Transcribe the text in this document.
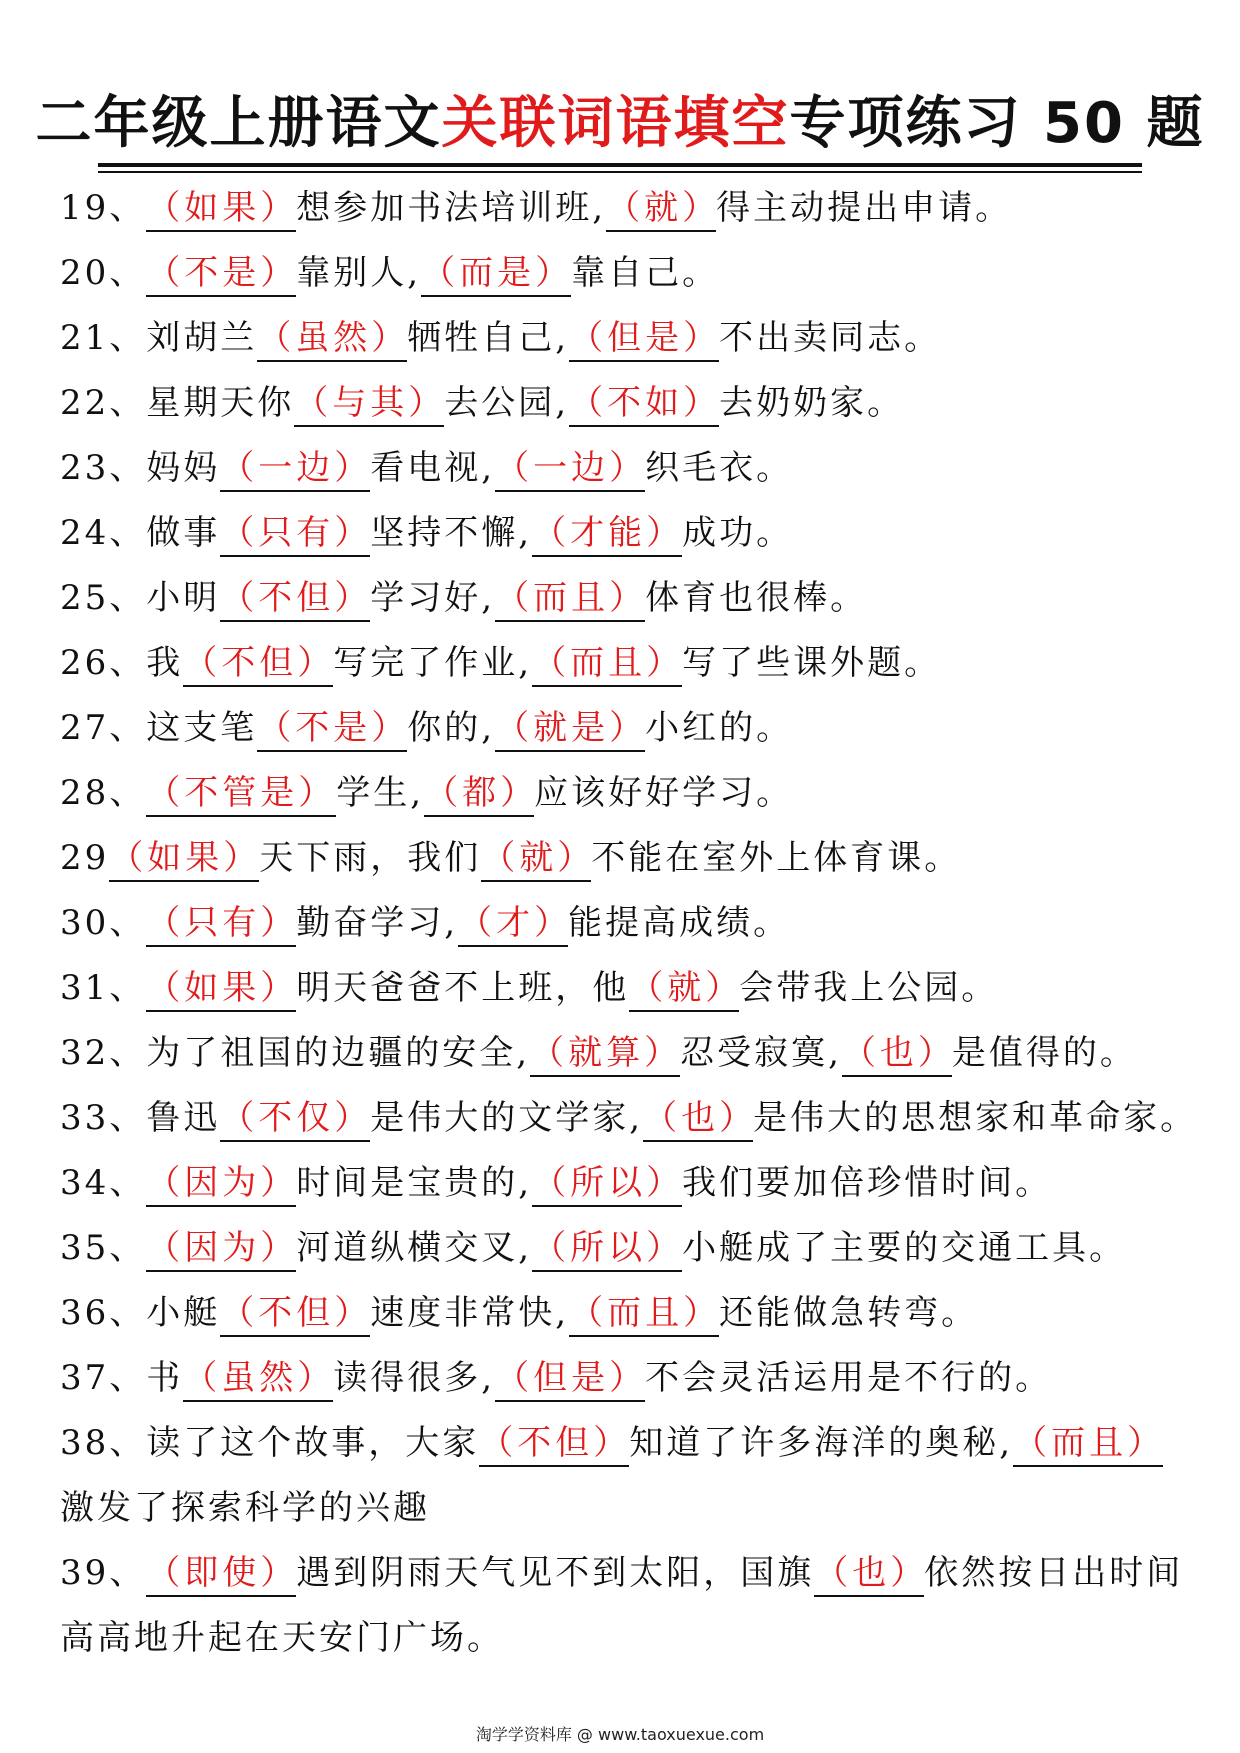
二年级上册语文关联词语填空专项练习 50 题
19、（如果）想参加书法培训班,（就）得主动提出申请。
20、（不是）靠别人,（而是）靠自己。
21、刘胡兰（虽然）牺牲自己,（但是）不出卖同志。
22、星期天你（与其）去公园,（不如）去奶奶家。
23、妈妈（一边）看电视,（一边）织毛衣。
24、做事（只有）坚持不懈,（才能）成功。
25、小明（不但）学习好,（而且）体育也很棒。
26、我（不但）写完了作业,（而且）写了些课外题。
27、这支笔（不是）你的,（就是）小红的。
28、（不管是）学生,（都）应该好好学习。
29（如果）天下雨，我们（就）不能在室外上体育课。
30、（只有）勤奋学习,（才）能提高成绩。
31、（如果）明天爸爸不上班，他（就）会带我上公园。
32、为了祖国的边疆的安全,（就算）忍受寂寞,（也）是值得的。
33、鲁迅（不仅）是伟大的文学家,（也）是伟大的思想家和革命家。
34、（因为）时间是宝贵的,（所以）我们要加倍珍惜时间。
35、（因为）河道纵横交叉,（所以）小艇成了主要的交通工具。
36、小艇（不但）速度非常快,（而且）还能做急转弯。
37、书（虽然）读得很多,（但是）不会灵活运用是不行的。
38、读了这个故事，大家（不但）知道了许多海洋的奥秘,（而且）
激发了探索科学的兴趣
39、（即使）遇到阴雨天气见不到太阳，国旗（也）依然按日出时间
高高地升起在天安门广场。
淘学学资料库 @ www.taoxuexue.com
